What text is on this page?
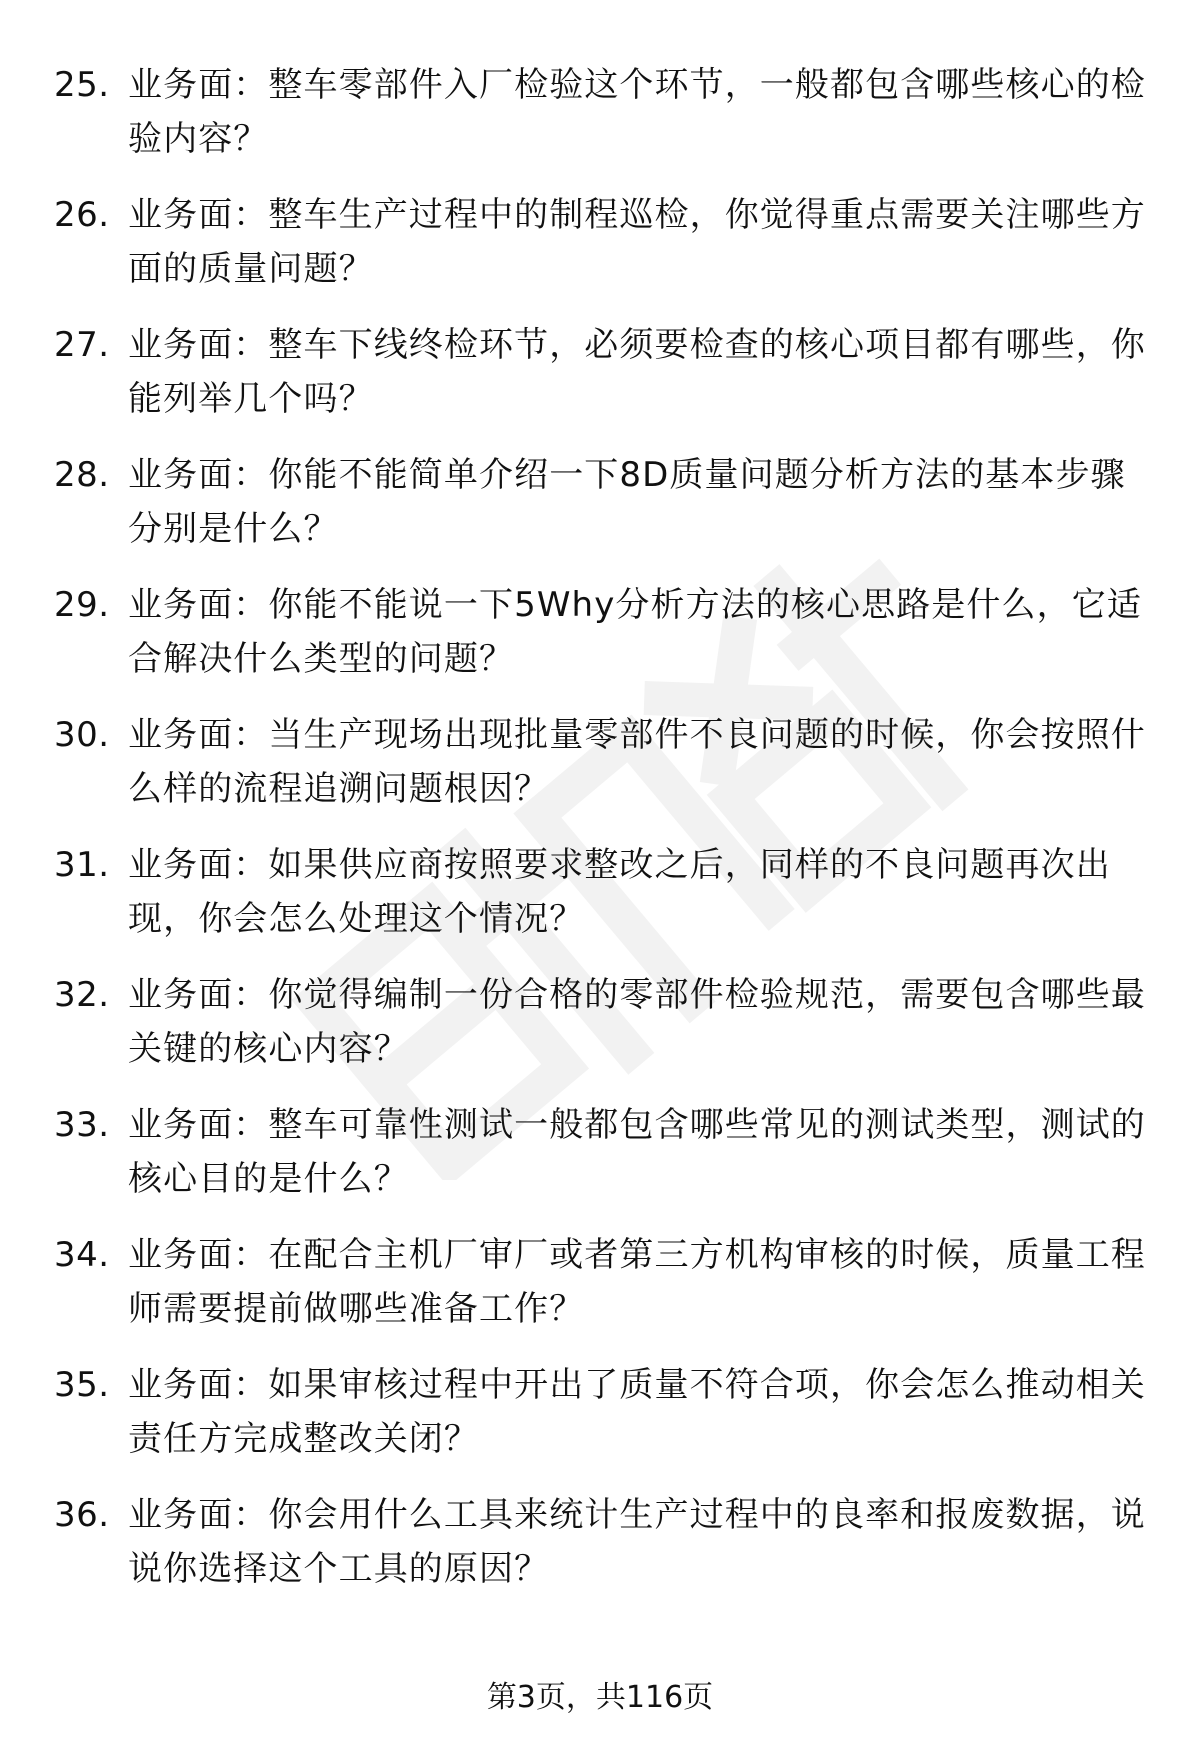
25. 业务面：整车零部件入厂检验这个环节，一般都包含哪些核心的检验内容？
26. 业务面：整车生产过程中的制程巡检，你觉得重点需要关注哪些方面的质量问题？
27. 业务面：整车下线终检环节，必须要检查的核心项目都有哪些，你能列举几个吗？
28. 业务面：你能不能简单介绍一下8D质量问题分析方法的基本步骤分别是什么？
29. 业务面：你能不能说一下5Why分析方法的核心思路是什么，它适合解决什么类型的问题？
30. 业务面：当生产现场出现批量零部件不良问题的时候，你会按照什么样的流程追溯问题根因？
31. 业务面：如果供应商按照要求整改之后，同样的不良问题再次出现，你会怎么处理这个情况？
32. 业务面：你觉得编制一份合格的零部件检验规范，需要包含哪些最关键的核心内容？
33. 业务面：整车可靠性测试一般都包含哪些常见的测试类型，测试的核心目的是什么？
34. 业务面：在配合主机厂审厂或者第三方机构审核的时候，质量工程师需要提前做哪些准备工作？
35. 业务面：如果审核过程中开出了质量不符合项，你会怎么推动相关责任方完成整改关闭？
36. 业务面：你会用什么工具来统计生产过程中的良率和报废数据，说说你选择这个工具的原因？
第3页，共116页
